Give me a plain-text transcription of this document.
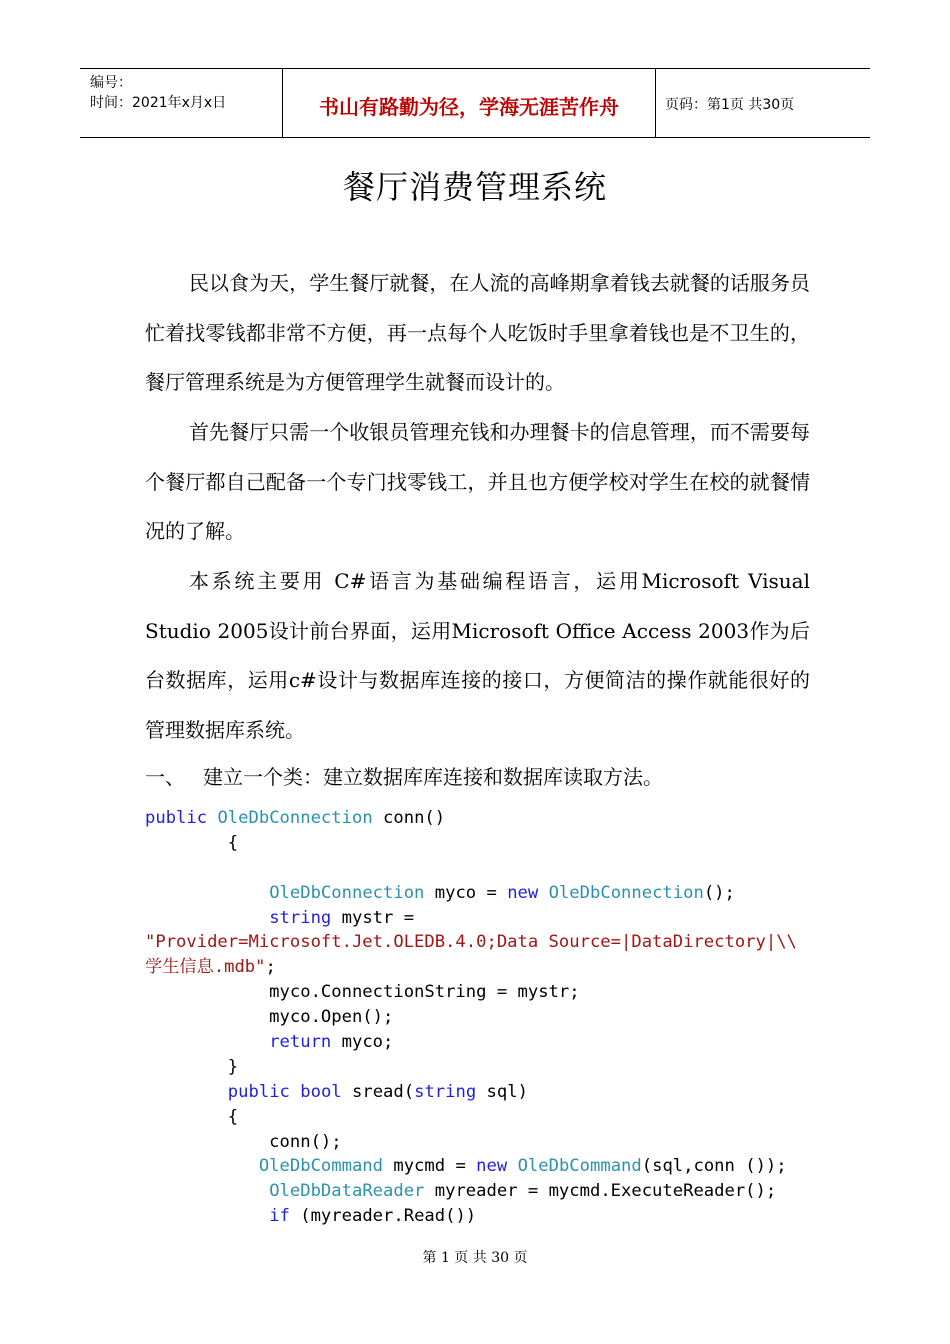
编号：
时间：2021年x月x日	书山有路勤为径，学海无涯苦作舟	页码：第1页 共30页
餐厅消费管理系统
民以食为天，学生餐厅就餐，在人流的高峰期拿着钱去就餐的话服务员忙着找零钱都非常不方便，再一点每个人吃饭时手里拿着钱也是不卫生的，餐厅管理系统是为方便管理学生就餐而设计的。
首先餐厅只需一个收银员管理充钱和办理餐卡的信息管理，而不需要每个餐厅都自己配备一个专门找零钱工，并且也方便学校对学生在校的就餐情况的了解。
本系统主要用 C#语言为基础编程语言，运用Microsoft Visual Studio 2005设计前台界面，运用Microsoft Office Access 2003作为后台数据库，运用c#设计与数据库连接的接口，方便简洁的操作就能很好的管理数据库系统。
一、 建立一个类：建立数据库库连接和数据库读取方法。
public OleDbConnection conn()
{

OleDbConnection myco = new OleDbConnection();
string mystr =
"Provider=Microsoft.Jet.OLEDB.4.0;Data Source=|DataDirectory|\\
学生信息.mdb";
myco.ConnectionString = mystr;
myco.Open();
return myco;
}
public bool sread(string sql)
{
conn();
OleDbCommand mycmd = new OleDbCommand(sql,conn ());
OleDbDataReader myreader = mycmd.ExecuteReader();
if (myreader.Read())
第 1 页 共 30 页
